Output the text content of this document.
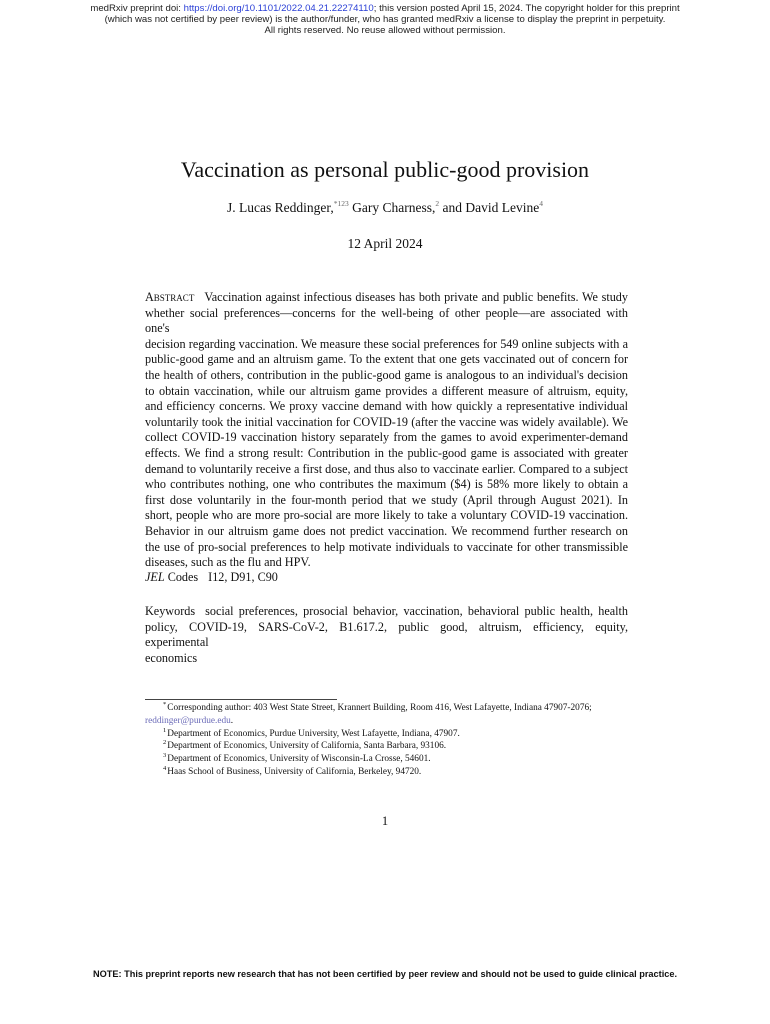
medRxiv preprint doi: https://doi.org/10.1101/2022.04.21.22274110; this version posted April 15, 2024. The copyright holder for this preprint
(which was not certified by peer review) is the author/funder, who has granted medRxiv a license to display the preprint in perpetuity.
All rights reserved. No reuse allowed without permission.
Vaccination as personal public-good provision
J. Lucas Reddinger,$^{*123}$ Gary Charness,$^2$ and David Levine$^4$
12 April 2024
Abstract Vaccination against infectious diseases has both private and public benefits. We study
whether social preferences—concerns for the well-being of other people—are associated with one's
decision regarding vaccination. We measure these social preferences for 549 online subjects with a
public-good game and an altruism game. To the extent that one gets vaccinated out of concern for
the health of others, contribution in the public-good game is analogous to an individual's decision
to obtain vaccination, while our altruism game provides a different measure of altruism, equity,
and efficiency concerns. We proxy vaccine demand with how quickly a representative individual
voluntarily took the initial vaccination for COVID-19 (after the vaccine was widely available). We
collect COVID-19 vaccination history separately from the games to avoid experimenter-demand
effects. We find a strong result: Contribution in the public-good game is associated with greater
demand to voluntarily receive a first dose, and thus also to vaccinate earlier. Compared to a subject
who contributes nothing, one who contributes the maximum ($4) is 58% more likely to obtain a
first dose voluntarily in the four-month period that we study (April through August 2021). In
short, people who are more pro-social are more likely to take a voluntary COVID-19 vaccination.
Behavior in our altruism game does not predict vaccination. We recommend further research on
the use of pro-social preferences to help motivate individuals to vaccinate for other transmissible
diseases, such as the flu and HPV.
JEL Codes I12, D91, C90
Keywords social preferences, prosocial behavior, vaccination, behavioral public health, health
policy, COVID-19, SARS-CoV-2, B1.617.2, public good, altruism, efficiency, equity, experimental
economics
*Corresponding author: 403 West State Street, Krannert Building, Room 416, West Lafayette, Indiana 47907-2076;
reddinger@purdue.edu.
$^1$Department of Economics, Purdue University, West Lafayette, Indiana, 47907.
$^2$Department of Economics, University of California, Santa Barbara, 93106.
$^3$Department of Economics, University of Wisconsin-La Crosse, 54601.
$^4$Haas School of Business, University of California, Berkeley, 94720.
1
NOTE: This preprint reports new research that has not been certified by peer review and should not be used to guide clinical practice.
